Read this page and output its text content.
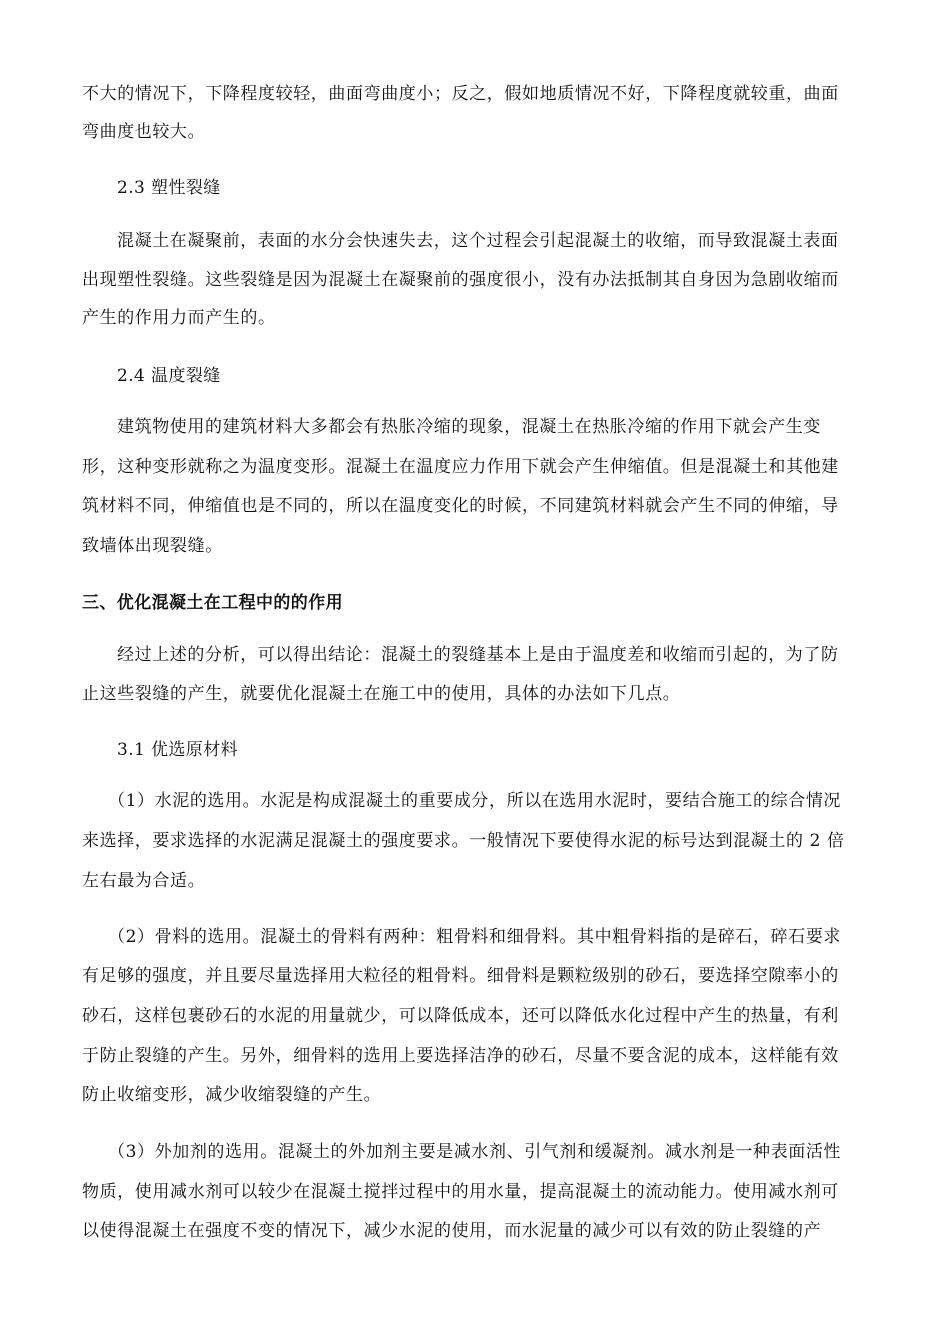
不大的情况下，下降程度较轻，曲面弯曲度小；反之，假如地质情况不好，下降程度就较重，曲面
弯曲度也较大。
2.3 塑性裂缝
混凝土在凝聚前，表面的水分会快速失去，这个过程会引起混凝土的收缩，而导致混凝土表面
出现塑性裂缝。这些裂缝是因为混凝土在凝聚前的强度很小，没有办法抵制其自身因为急剧收缩而
产生的作用力而产生的。
2.4 温度裂缝
建筑物使用的建筑材料大多都会有热胀冷缩的现象，混凝土在热胀冷缩的作用下就会产生变
形，这种变形就称之为温度变形。混凝土在温度应力作用下就会产生伸缩值。但是混凝土和其他建
筑材料不同，伸缩值也是不同的，所以在温度变化的时候，不同建筑材料就会产生不同的伸缩，导
致墙体出现裂缝。
三、优化混凝土在工程中的的作用
经过上述的分析，可以得出结论：混凝土的裂缝基本上是由于温度差和收缩而引起的，为了防
止这些裂缝的产生，就要优化混凝土在施工中的使用，具体的办法如下几点。
3.1 优选原材料
（1）水泥的选用。水泥是构成混凝土的重要成分，所以在选用水泥时，要结合施工的综合情况
来选择，要求选择的水泥满足混凝土的强度要求。一般情况下要使得水泥的标号达到混凝土的 2 倍
左右最为合适。
（2）骨料的选用。混凝土的骨料有两种：粗骨料和细骨料。其中粗骨料指的是碎石，碎石要求
有足够的强度，并且要尽量选择用大粒径的粗骨料。细骨料是颗粒级别的砂石，要选择空隙率小的
砂石，这样包裹砂石的水泥的用量就少，可以降低成本，还可以降低水化过程中产生的热量，有利
于防止裂缝的产生。另外，细骨料的选用上要选择洁净的砂石，尽量不要含泥的成本，这样能有效
防止收缩变形，减少收缩裂缝的产生。
（3）外加剂的选用。混凝土的外加剂主要是减水剂、引气剂和缓凝剂。减水剂是一种表面活性
物质，使用减水剂可以较少在混凝土搅拌过程中的用水量，提高混凝土的流动能力。使用减水剂可
以使得混凝土在强度不变的情况下，减少水泥的使用，而水泥量的减少可以有效的防止裂缝的产
